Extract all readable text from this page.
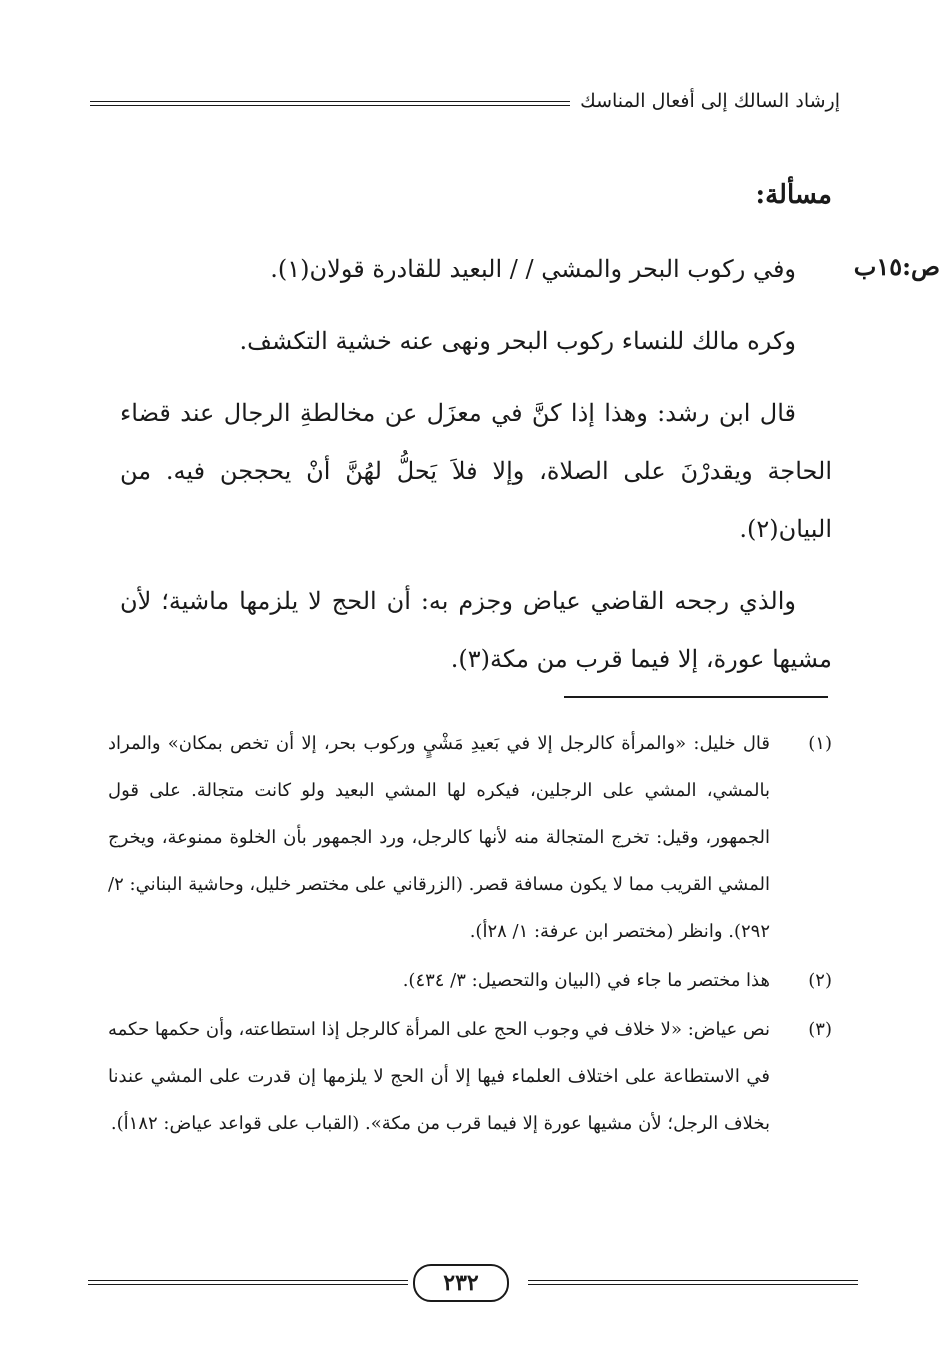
إرشاد السالك إلى أفعال المناسك
مسألة:
ص:١٥ب

وفي ركوب البحر والمشي / / البعيد للقادرة قولان(١).

وكره مالك للنساء ركوب البحر ونهى عنه خشية التكشف.

قال ابن رشد: وهذا إذا كنَّ في معزَل عن مخالطةِ الرجال عند قضاء الحاجة ويقدرْنَ على الصلاة، وإلا فلاَ يَحلُّ لهُنَّ أنْ يحججن فيه. من البيان(٢).

والذي رجحه القاضي عياض وجزم به: أن الحج لا يلزمها ماشية؛ لأن مشيها عورة، إلا فيما قرب من مكة(٣).

(١)
قال خليل: «والمرأة كالرجل إلا في بَعيدِ مَشْيٍ وركوب بحر، إلا أن تخص بمكان» والمراد بالمشي، المشي على الرجلين، فيكره لها المشي البعيد ولو كانت متجالة. على قول الجمهور، وقيل: تخرج المتجالة منه لأنها كالرجل، ورد الجمهور بأن الخلوة ممنوعة، ويخرج المشي القريب مما لا يكون مسافة قصر. (الزرقاني على مختصر خليل، وحاشية البناني: ٢/ ٢٩٢). وانظر (مختصر ابن عرفة: ١/ ٢٨أ).
(٢)
هذا مختصر ما جاء في (البيان والتحصيل: ٣/ ٤٣٤).
(٣)
نص عياض: «لا خلاف في وجوب الحج على المرأة كالرجل إذا استطاعته، وأن حكمها حكمه في الاستطاعة على اختلاف العلماء فيها إلا أن الحج لا يلزمها إن قدرت على المشي عندنا بخلاف الرجل؛ لأن مشيها عورة إلا فيما قرب من مكة». (القباب على قواعد عياض: ١٨٢أ).
٢٣٢
